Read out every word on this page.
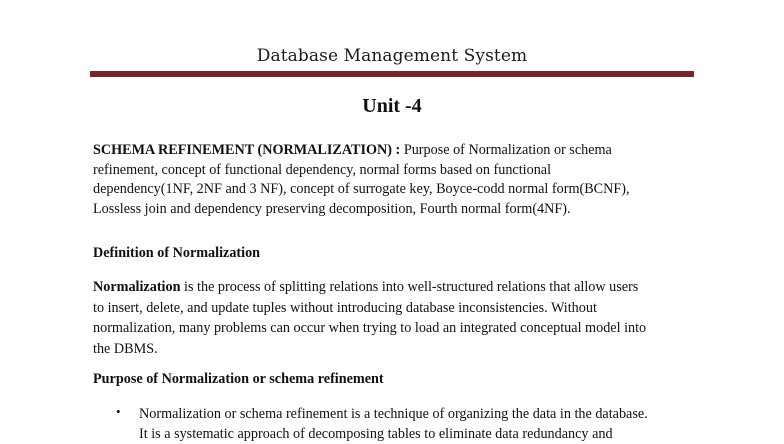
Database Management System
Unit -4
SCHEMA REFINEMENT (NORMALIZATION) : Purpose of Normalization or schema
refinement, concept of functional dependency, normal forms based on functional
dependency(1NF, 2NF and 3 NF), concept of surrogate key, Boyce-codd normal form(BCNF),
Lossless join and dependency preserving decomposition, Fourth normal form(4NF).
Definition of Normalization
Normalization is the process of splitting relations into well-structured relations that allow users
to insert, delete, and update tuples without introducing database inconsistencies. Without
normalization, many problems can occur when trying to load an integrated conceptual model into
the DBMS.
Purpose of Normalization or schema refinement
• Normalization or schema refinement is a technique of organizing the data in the database.
It is a systematic approach of decomposing tables to eliminate data redundancy and
